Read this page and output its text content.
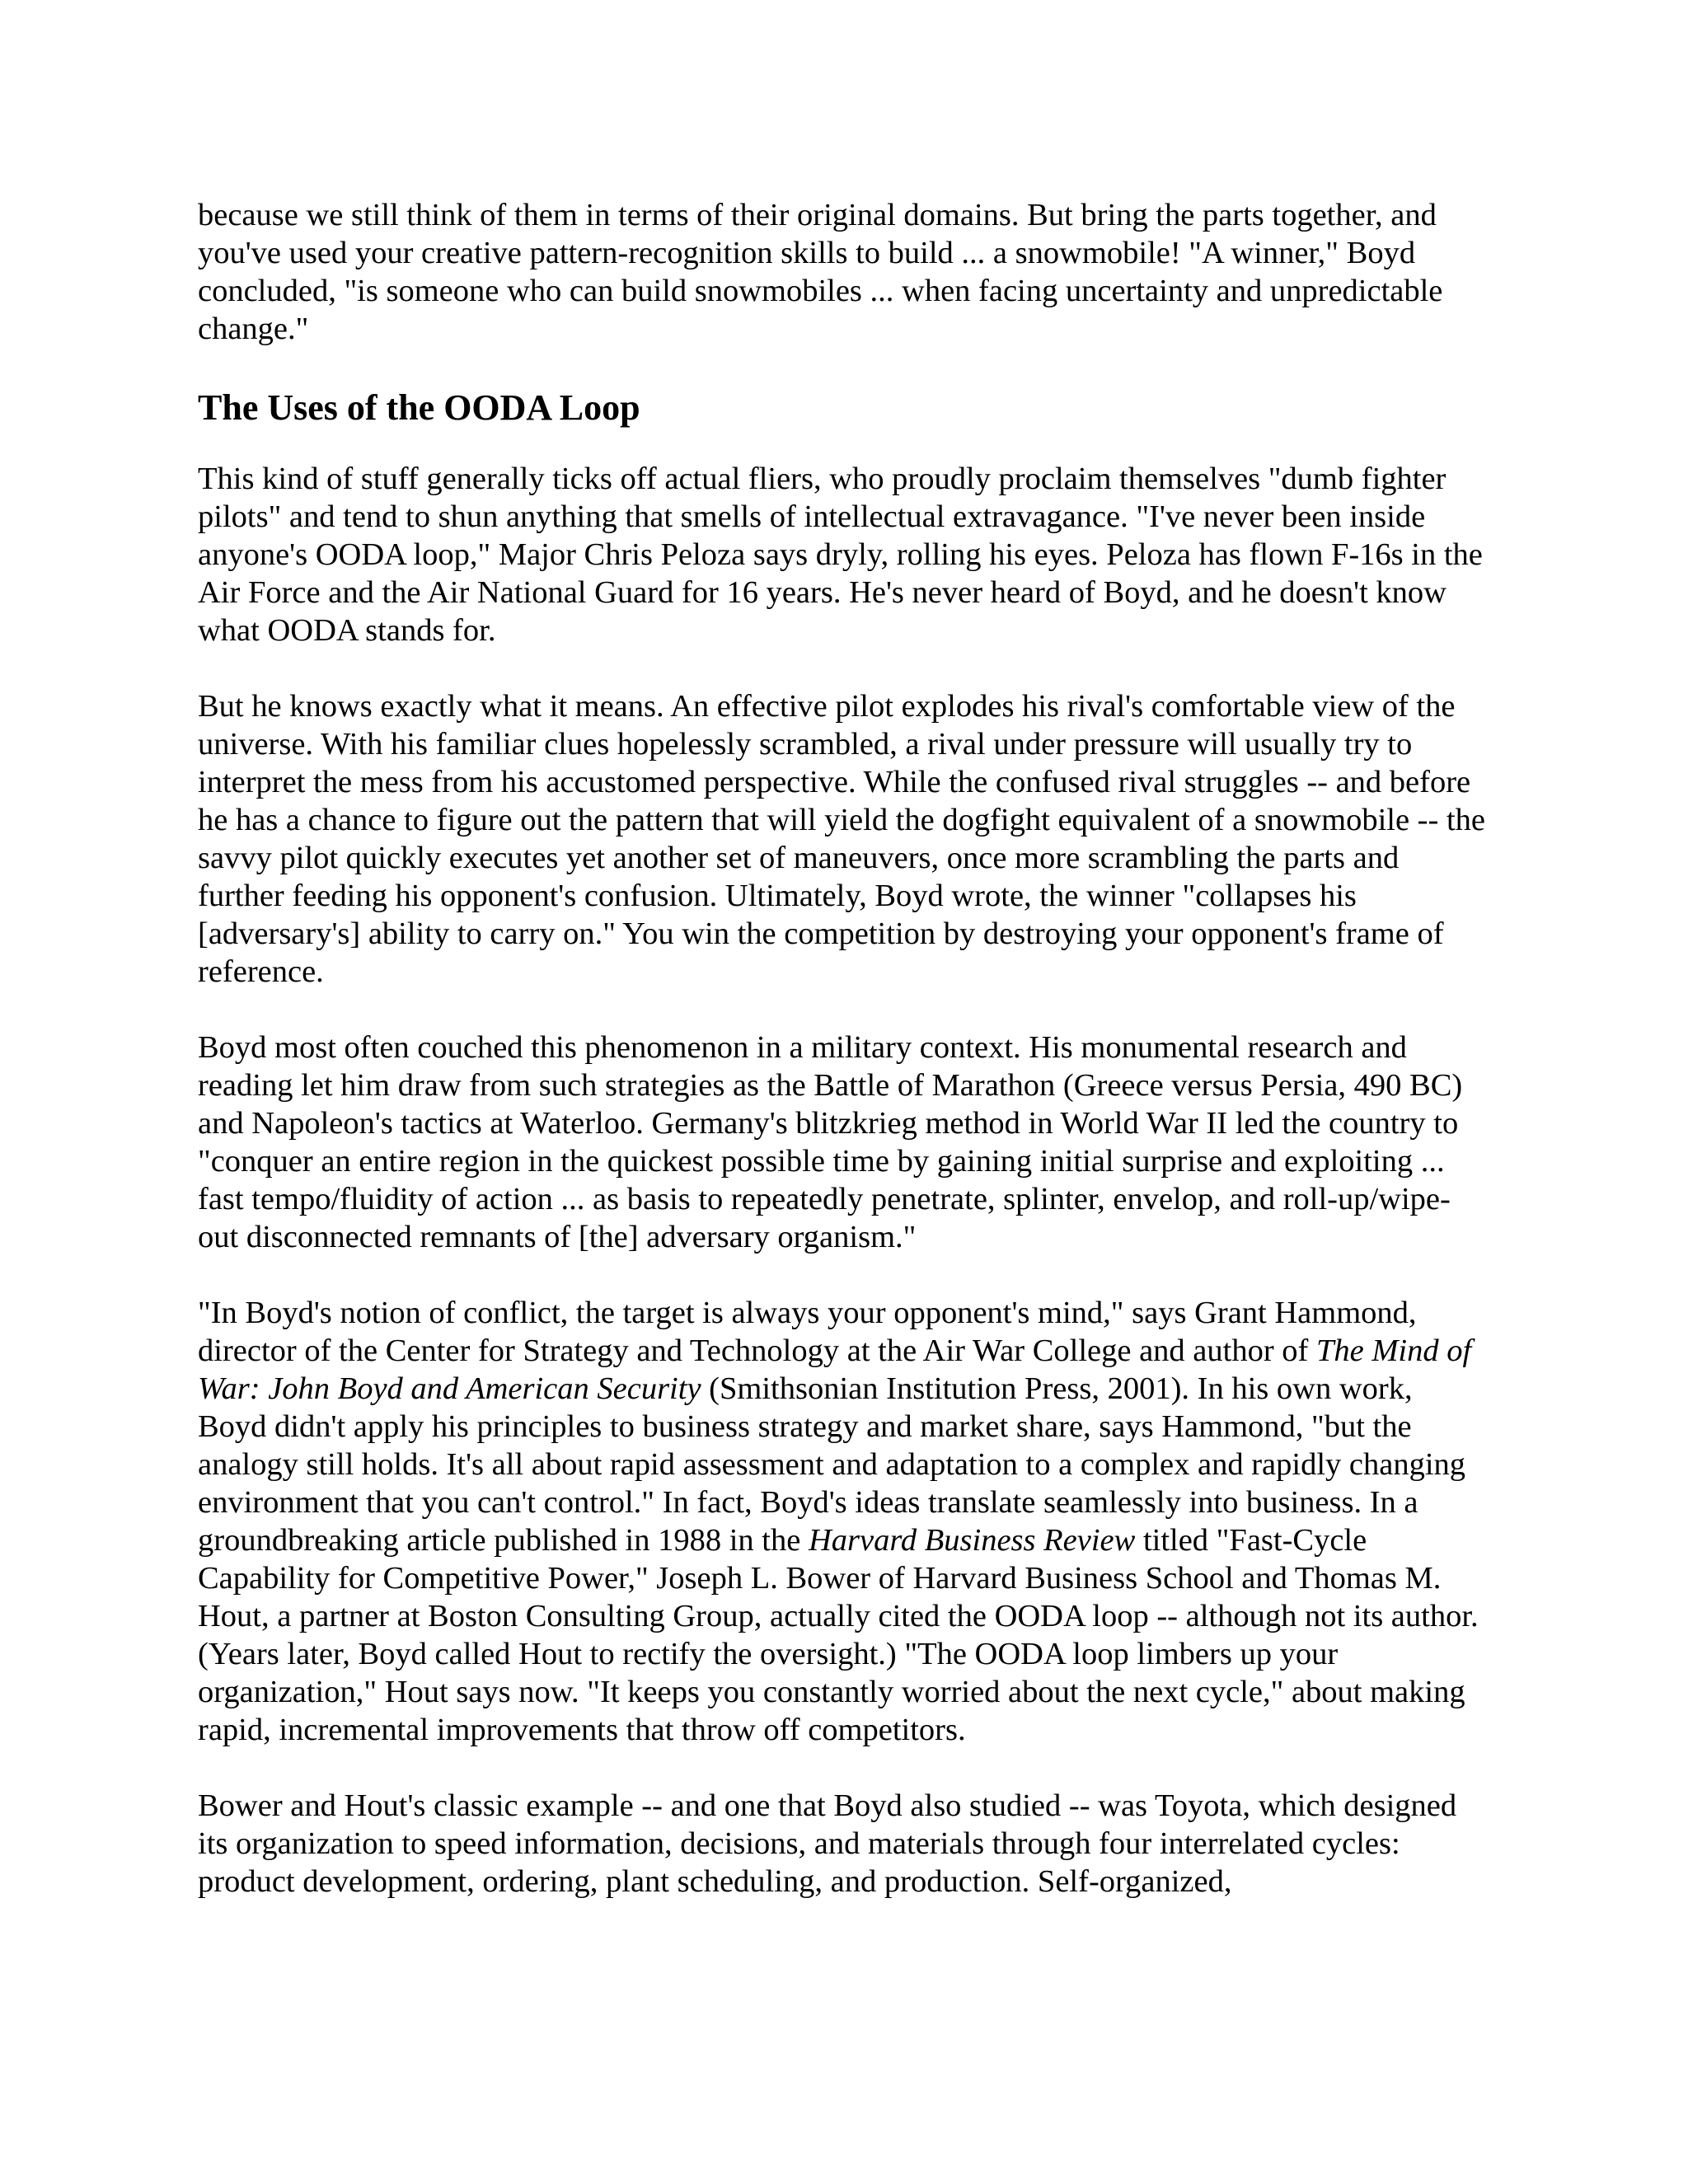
because we still think of them in terms of their original domains. But bring the parts together, and you've used your creative pattern-recognition skills to build ... a snowmobile! "A winner," Boyd concluded, "is someone who can build snowmobiles ... when facing uncertainty and unpredictable change."

The Uses of the OODA Loop

This kind of stuff generally ticks off actual fliers, who proudly proclaim themselves "dumb fighter pilots" and tend to shun anything that smells of intellectual extravagance. "I've never been inside anyone's OODA loop," Major Chris Peloza says dryly, rolling his eyes. Peloza has flown F-16s in the Air Force and the Air National Guard for 16 years. He's never heard of Boyd, and he doesn't know what OODA stands for.

But he knows exactly what it means. An effective pilot explodes his rival's comfortable view of the universe. With his familiar clues hopelessly scrambled, a rival under pressure will usually try to interpret the mess from his accustomed perspective. While the confused rival struggles -- and before he has a chance to figure out the pattern that will yield the dogfight equivalent of a snowmobile -- the savvy pilot quickly executes yet another set of maneuvers, once more scrambling the parts and further feeding his opponent's confusion. Ultimately, Boyd wrote, the winner "collapses his [adversary's] ability to carry on." You win the competition by destroying your opponent's frame of reference.

Boyd most often couched this phenomenon in a military context. His monumental research and reading let him draw from such strategies as the Battle of Marathon (Greece versus Persia, 490 BC) and Napoleon's tactics at Waterloo. Germany's blitzkrieg method in World War II led the country to "conquer an entire region in the quickest possible time by gaining initial surprise and exploiting ... fast tempo/fluidity of action ... as basis to repeatedly penetrate, splinter, envelop, and roll-up/wipe-out disconnected remnants of [the] adversary organism."

"In Boyd's notion of conflict, the target is always your opponent's mind," says Grant Hammond, director of the Center for Strategy and Technology at the Air War College and author of The Mind of War: John Boyd and American Security (Smithsonian Institution Press, 2001). In his own work, Boyd didn't apply his principles to business strategy and market share, says Hammond, "but the analogy still holds. It's all about rapid assessment and adaptation to a complex and rapidly changing environment that you can't control." In fact, Boyd's ideas translate seamlessly into business. In a groundbreaking article published in 1988 in the Harvard Business Review titled "Fast-Cycle Capability for Competitive Power," Joseph L. Bower of Harvard Business School and Thomas M. Hout, a partner at Boston Consulting Group, actually cited the OODA loop -- although not its author. (Years later, Boyd called Hout to rectify the oversight.) "The OODA loop limbers up your organization," Hout says now. "It keeps you constantly worried about the next cycle," about making rapid, incremental improvements that throw off competitors.

Bower and Hout's classic example -- and one that Boyd also studied -- was Toyota, which designed its organization to speed information, decisions, and materials through four interrelated cycles: product development, ordering, plant scheduling, and production. Self-organized,
